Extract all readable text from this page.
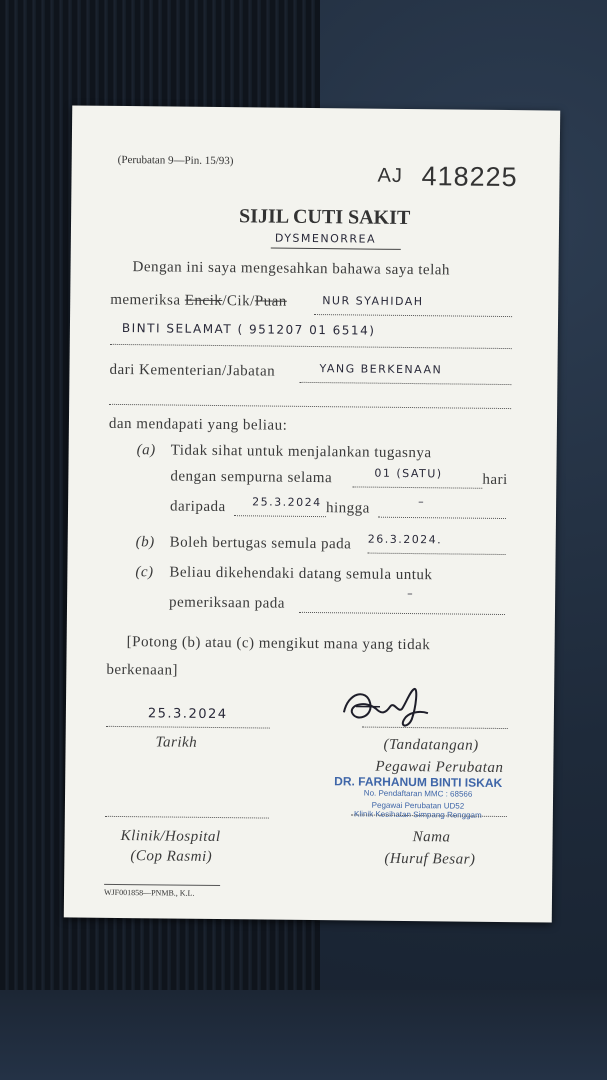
(Perubatan 9—Pin. 15/93)
AJ 418225
SIJIL CUTI SAKIT
DYSMENORREA
Dengan ini saya mengesahkan bahawa saya telah
memeriksa Encik/Cik/Puan	NUR SYAHIDAH
BINTI SELAMAT ( 951207 01 6514)
dari Kementerian/Jabatan	YANG BERKENAAN
dan mendapati yang beliau:
(a) Tidak sihat untuk menjalankan tugasnya
dengan sempurna selama	01 (SATU)	hari
daripada 25.3.2024 hingga	–
(b) Boleh bertugas semula pada 26.3.2024.
(c) Beliau dikehendaki datang semula untuk
pemeriksaan pada
–
[Potong (b) atau (c) mengikut mana yang tidak
berkenaan]
25.3.2024
Tarikh	(Tandatangan)
Pegawai Perubatan
DR. FARHANUM BINTI ISKAK
No. Pendaftaran MMC : 68566
Pegawai Perubatan UD52
Klinik Kesihatan Simpang Renggam
Klinik/Hospital
(Cop Rasmi)
Nama
(Huruf Besar)
WJF001858—PNMB., K.L.
